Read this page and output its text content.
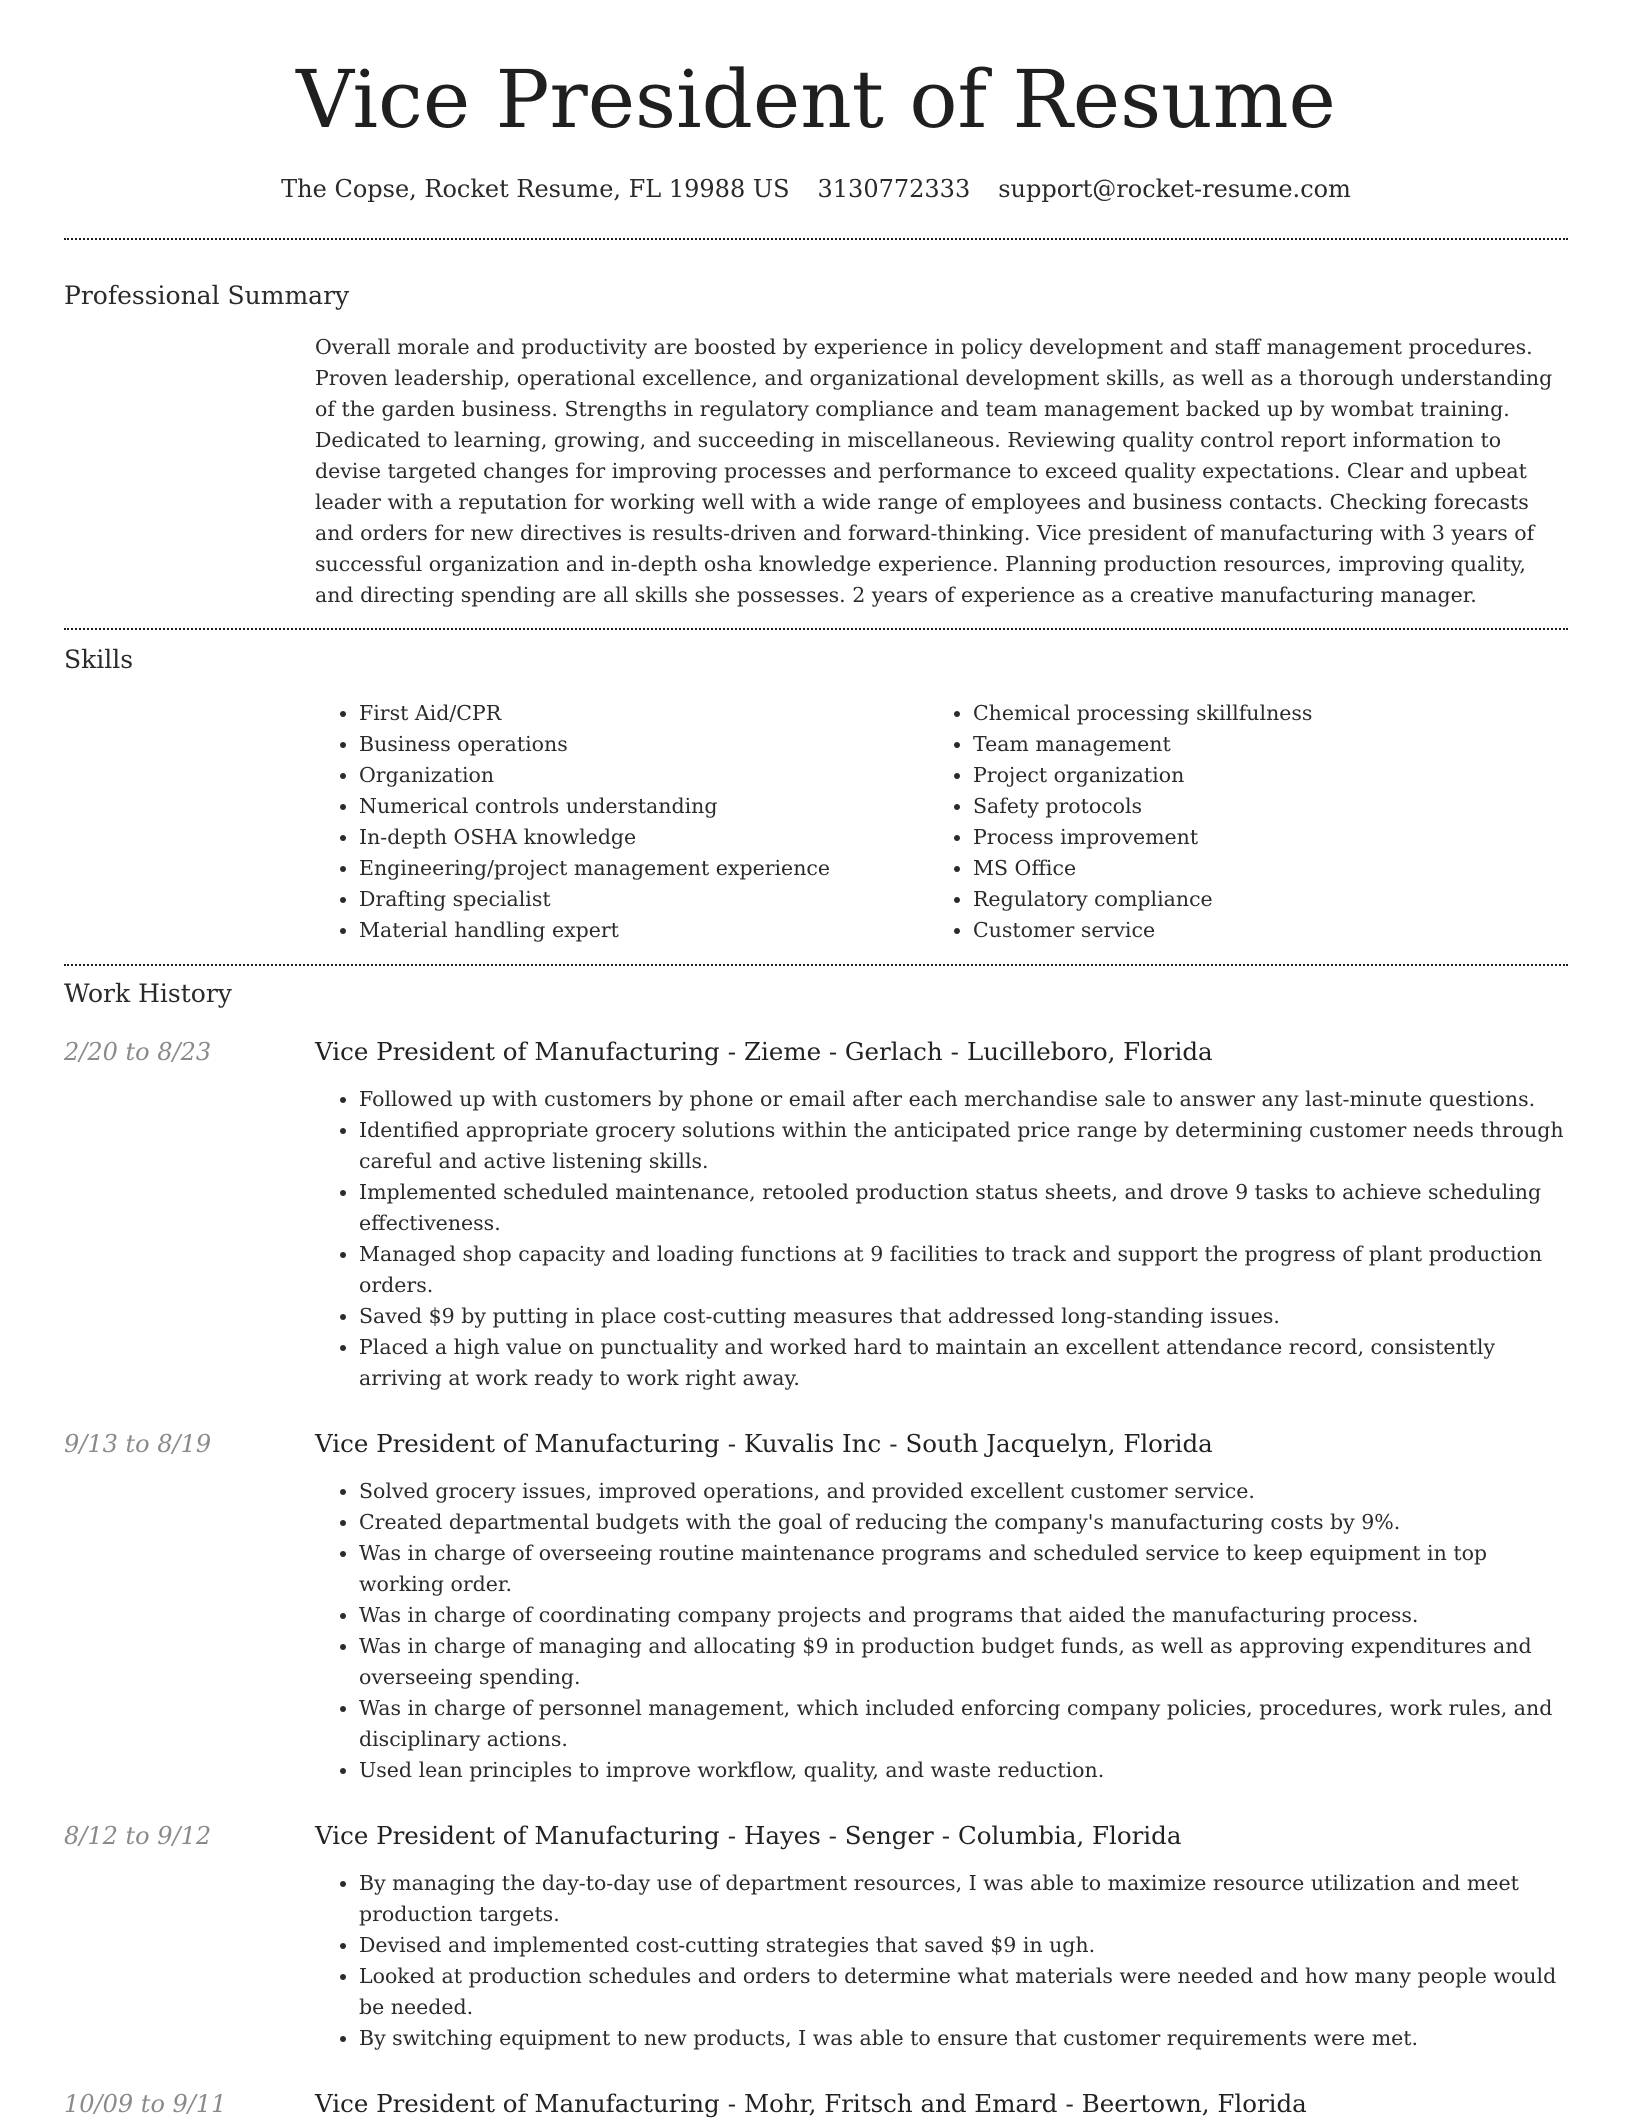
Vice President of Resume
The Copse, Rocket Resume, FL 19988 US 3130772333 support@rocket-resume.com
Professional Summary
Overall morale and productivity are boosted by experience in policy development and staff management procedures. Proven leadership, operational excellence, and organizational development skills, as well as a thorough understanding of the garden business. Strengths in regulatory compliance and team management backed up by wombat training. Dedicated to learning, growing, and succeeding in miscellaneous. Reviewing quality control report information to devise targeted changes for improving processes and performance to exceed quality expectations. Clear and upbeat leader with a reputation for working well with a wide range of employees and business contacts. Checking forecasts and orders for new directives is results-driven and forward-thinking. Vice president of manufacturing with 3 years of successful organization and in-depth osha knowledge experience. Planning production resources, improving quality, and directing spending are all skills she possesses. 2 years of experience as a creative manufacturing manager.
Skills
• First Aid/CPR
• Business operations
• Organization
• Numerical controls understanding
• In-depth OSHA knowledge
• Engineering/project management experience
• Drafting specialist
• Material handling expert
• Chemical processing skillfulness
• Team management
• Project organization
• Safety protocols
• Process improvement
• MS Office
• Regulatory compliance
• Customer service
Work History
2/20 to 8/23	Vice President of Manufacturing - Zieme - Gerlach - Lucilleboro, Florida
• Followed up with customers by phone or email after each merchandise sale to answer any last-minute questions.
• Identified appropriate grocery solutions within the anticipated price range by determining customer needs through careful and active listening skills.
• Implemented scheduled maintenance, retooled production status sheets, and drove 9 tasks to achieve scheduling effectiveness.
• Managed shop capacity and loading functions at 9 facilities to track and support the progress of plant production orders.
• Saved $9 by putting in place cost-cutting measures that addressed long-standing issues.
• Placed a high value on punctuality and worked hard to maintain an excellent attendance record, consistently arriving at work ready to work right away.
9/13 to 8/19	Vice President of Manufacturing - Kuvalis Inc - South Jacquelyn, Florida
• Solved grocery issues, improved operations, and provided excellent customer service.
• Created departmental budgets with the goal of reducing the company's manufacturing costs by 9%.
• Was in charge of overseeing routine maintenance programs and scheduled service to keep equipment in top working order.
• Was in charge of coordinating company projects and programs that aided the manufacturing process.
• Was in charge of managing and allocating $9 in production budget funds, as well as approving expenditures and overseeing spending.
• Was in charge of personnel management, which included enforcing company policies, procedures, work rules, and disciplinary actions.
• Used lean principles to improve workflow, quality, and waste reduction.
8/12 to 9/12	Vice President of Manufacturing - Hayes - Senger - Columbia, Florida
• By managing the day-to-day use of department resources, I was able to maximize resource utilization and meet production targets.
• Devised and implemented cost-cutting strategies that saved $9 in ugh.
• Looked at production schedules and orders to determine what materials were needed and how many people would be needed.
• By switching equipment to new products, I was able to ensure that customer requirements were met.
10/09 to 9/11	Vice President of Manufacturing - Mohr, Fritsch and Emard - Beertown, Florida
